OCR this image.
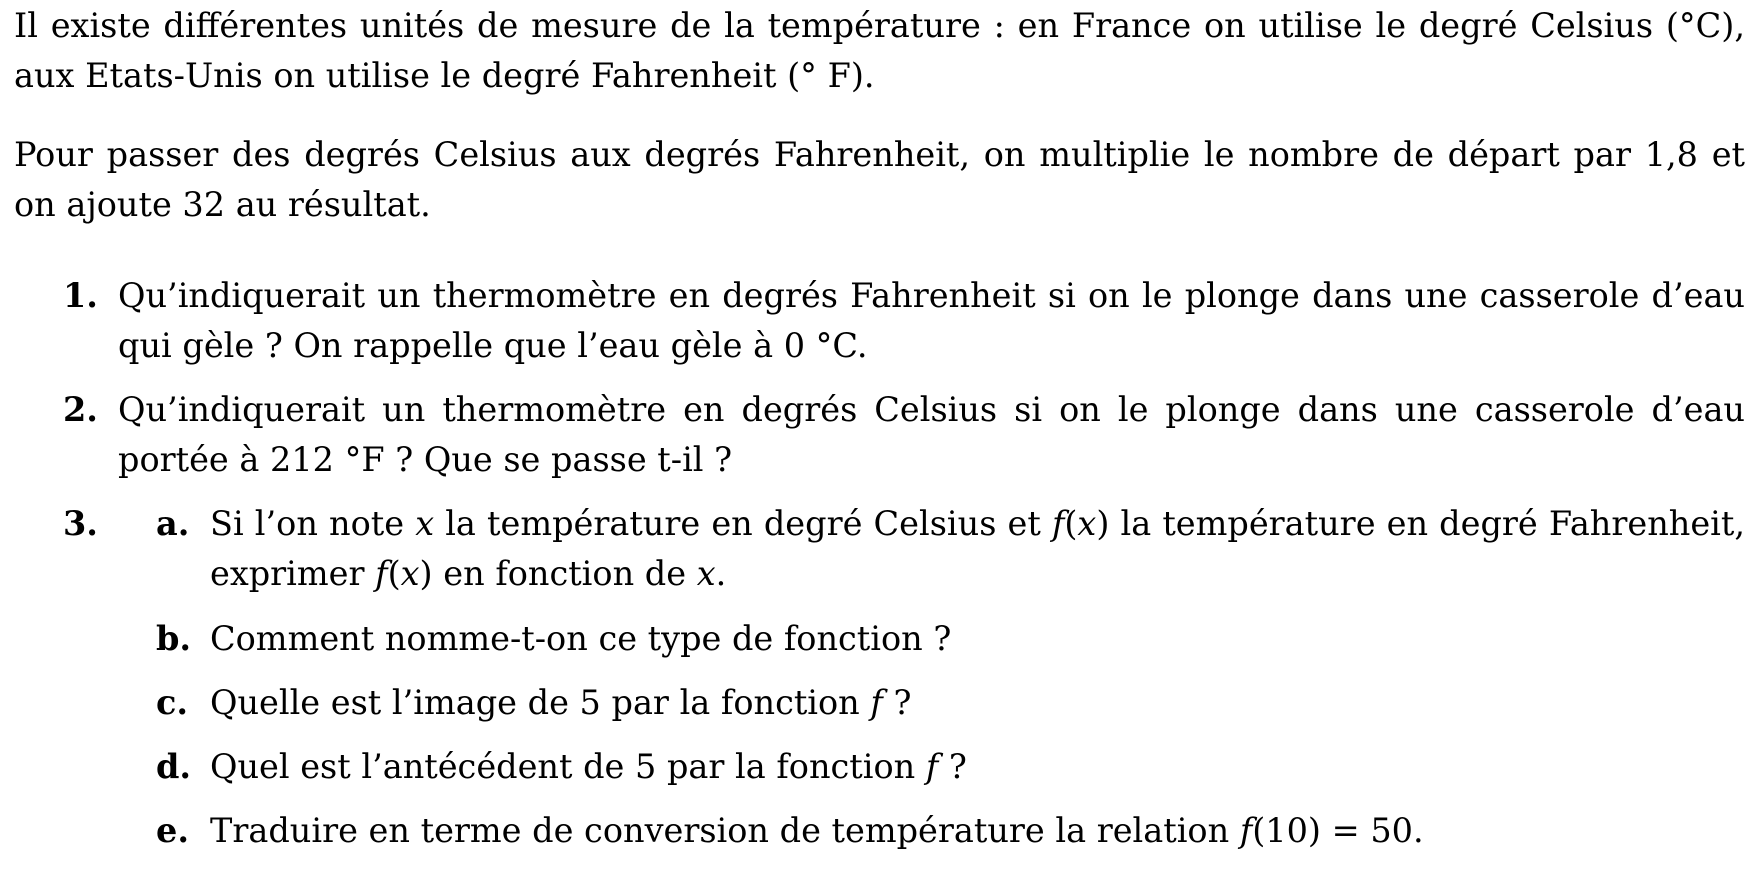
Il existe différentes unités de mesure de la température : en France on utilise le degré Celsius (°C), aux Etats-Unis on utilise le degré Fahrenheit (° F).

Pour passer des degrés Celsius aux degrés Fahrenheit, on multiplie le nombre de départ par 1,8 et on ajoute 32 au résultat.

1. Qu’indiquerait un thermomètre en degrés Fahrenheit si on le plonge dans une casserole d’eau qui gèle ? On rappelle que l’eau gèle à 0 °C.
2. Qu’indiquerait un thermomètre en degrés Celsius si on le plonge dans une casserole d’eau portée à 212 °F ? Que se passe t-il ?
3. a. Si l’on note x la température en degré Celsius et f(x) la température en degré Fahrenheit, exprimer f(x) en fonction de x.
b. Comment nomme-t-on ce type de fonction ?
c. Quelle est l’image de 5 par la fonction f ?
d. Quel est l’antécédent de 5 par la fonction f ?
e. Traduire en terme de conversion de température la relation f(10) = 50.
